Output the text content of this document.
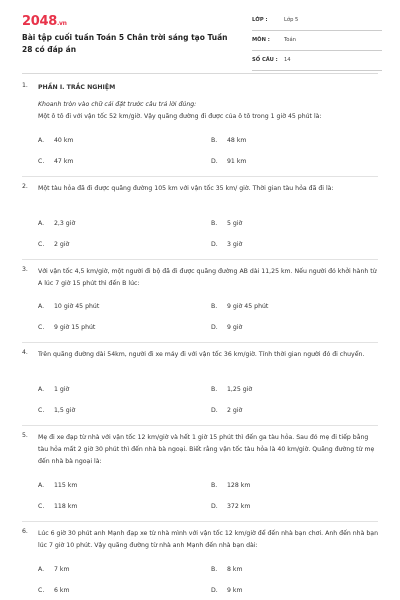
2048.vn
Bài tập cuối tuần Toán 5 Chân trời sáng tạo Tuần 28 có đáp án
LỚP :	Lớp 5
MÔN :	Toán
SỐ CÂU : 14
1. PHẦN I. TRẮC NGHIỆM
Khoanh tròn vào chữ cái đặt trước câu trả lời đúng:
Một ô tô đi với vận tốc 52 km/giờ. Vậy quãng đường đi được của ô tô trong 1 giờ 45 phút là:
A. 40 km	B. 48 km
C. 47 km	D. 91 km
2. Một tàu hỏa đã đi được quãng đường 105 km với vận tốc 35 km/ giờ. Thời gian tàu hỏa đã đi là:
A. 2,3 giờ	B. 5 giờ
C. 2 giờ	D. 3 giờ
3. Với vận tốc 4,5 km/giờ, một người đi bộ đã đi được quãng đường AB dài 11,25 km. Nếu người đó khởi hành từ A lúc 7 giờ 15 phút thì đến B lúc:
A. 10 giờ 45 phút	B. 9 giờ 45 phút
C. 9 giờ 15 phút	D. 9 giờ
4. Trên quãng đường dài 54km, người đi xe máy đi với vận tốc 36 km/giờ. Tính thời gian người đó đi chuyển.
A. 1 giờ	B. 1,25 giờ
C. 1,5 giờ	D. 2 giờ
5. Mẹ đi xe đạp từ nhà với vận tốc 12 km/giờ và hết 1 giờ 15 phút thì đến ga tàu hỏa. Sau đó mẹ đi tiếp bằng tàu hỏa mất 2 giờ 30 phút thì đến nhà bà ngoại. Biết rằng vận tốc tàu hỏa là 40 km/giờ. Quãng đường từ mẹ đến nhà bà ngoại là:
A. 115 km	B. 128 km
C. 118 km	D. 372 km
6. Lúc 6 giờ 30 phút anh Mạnh đạp xe từ nhà mình với vận tốc 12 km/giờ để đến nhà bạn chơi. Anh đến nhà bạn lúc 7 giờ 10 phút. Vậy quãng đường từ nhà anh Mạnh đến nhà bạn dài:
A. 7 km	B. 8 km
C. 6 km	D. 9 km
